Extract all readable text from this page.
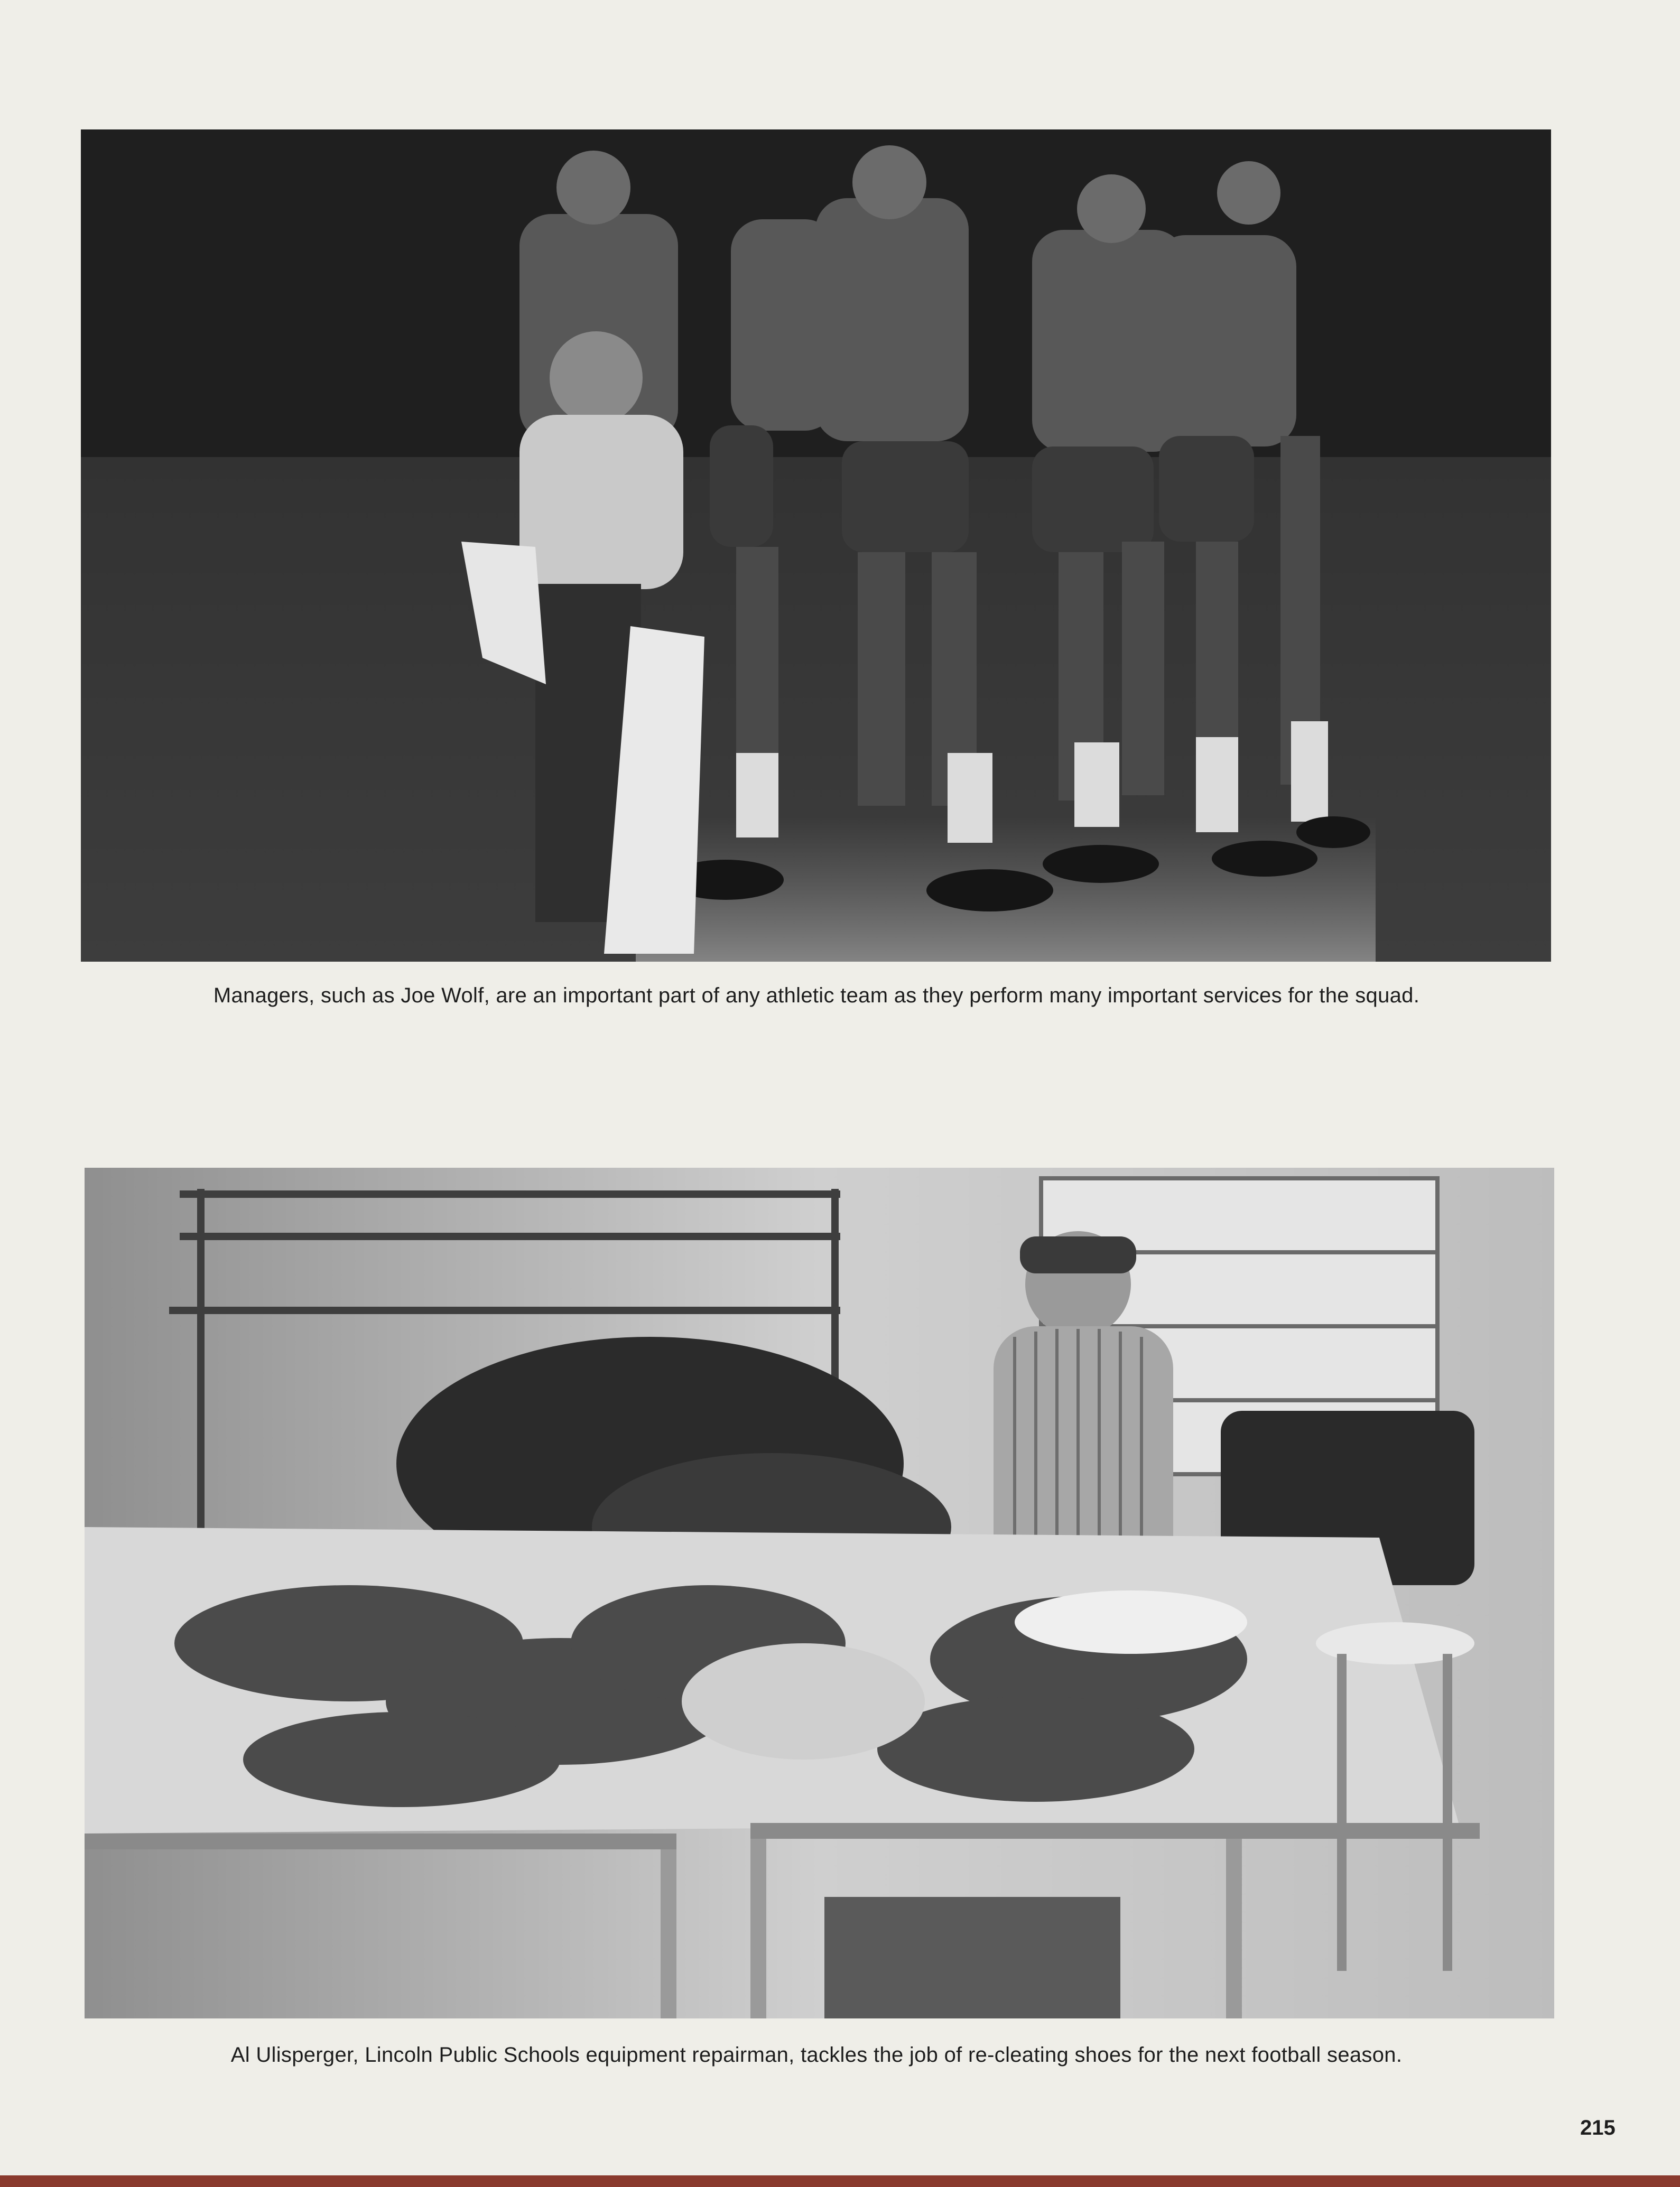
Managers, such as Joe Wolf, are an important part of any athletic team as they perform many important services for the squad.
Al Ulisperger, Lincoln Public Schools equipment repairman, tackles the job of re-cleating shoes for the next football season.
215
